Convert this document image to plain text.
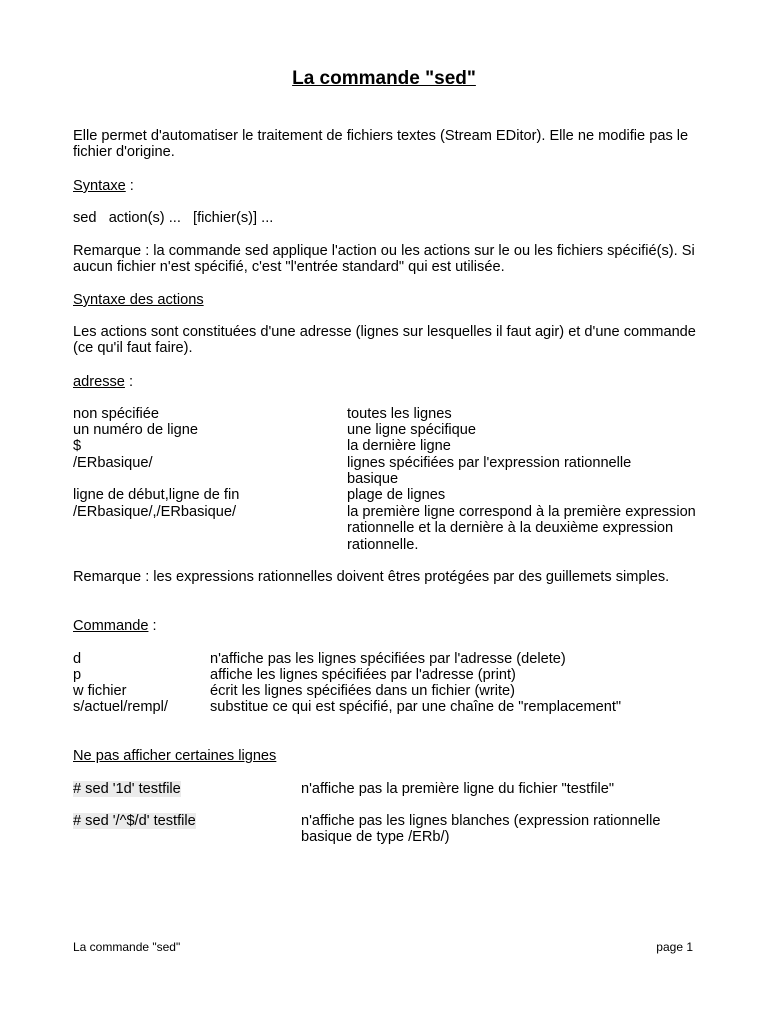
La commande "sed"

Elle permet d'automatiser le traitement de fichiers textes (Stream EDitor). Elle ne modifie pas le fichier d'origine.

Syntaxe :
sed   action(s) ...   [fichier(s)] ...

Remarque : la commande sed applique l'action ou les actions sur le ou les fichiers spécifié(s). Si aucun fichier n'est spécifié, c'est "l'entrée standard" qui est utilisée.

Syntaxe des actions

Les actions sont constituées d'une adresse (lignes sur lesquelles il faut agir) et d'une commande (ce qu'il faut faire).

adresse :
non spécifiée	toutes les lignes
un numéro de ligne	une ligne spécifique
$	la dernière ligne
/ERbasique/	lignes spécifiées par l'expression rationnelle basique
ligne de début,ligne de fin	plage de lignes
/ERbasique/,/ERbasique/	la première ligne correspond à la première expression rationnelle et la dernière à la deuxième expression rationnelle.

Remarque : les expressions rationnelles doivent êtres protégées par des guillemets simples.

Commande :
d	n'affiche pas les lignes spécifiées par l'adresse (delete)
p	affiche les lignes spécifiées par l'adresse (print)
w fichier	écrit les lignes spécifiées dans un fichier (write)
s/actuel/rempl/	substitue ce qui est spécifié, par une chaîne de "remplacement"
Ne pas afficher certaines lignes
# sed '1d' testfile	n'affiche pas la première ligne du fichier "testfile"
# sed '/^$/d' testfile	n'affiche pas les lignes blanches (expression rationnelle basique de type /ERb/)
La commande "sed"	page 1
